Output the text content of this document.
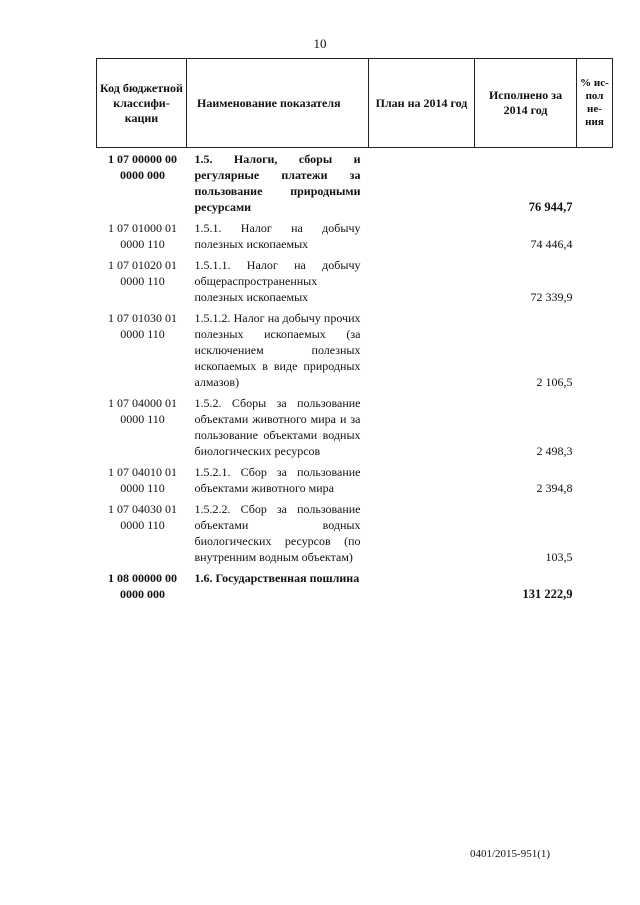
10
Код бюджетной классифи-кации	Наименование показателя	План на 2014 год	Исполнено за 2014 год	% ис-пол не-ния
1 07 00000 00 0000 000	1.5. Налоги, сборы и регулярные платежи за пользование природными ресурсами		76 944,7	
1 07 01000 01 0000 110	1.5.1. Налог на добычу полезных ископаемых		74 446,4	
1 07 01020 01 0000 110	1.5.1.1. Налог на добычу общераспространенных полезных ископаемых		72 339,9	
1 07 01030 01 0000 110	1.5.1.2. Налог на добычу прочих полезных ископаемых (за исключением полезных ископаемых в виде природных алмазов)		2 106,5	
1 07 04000 01 0000 110	1.5.2. Сборы за пользование объектами животного мира и за пользование объектами водных биологических ресурсов		2 498,3	
1 07 04010 01 0000 110	1.5.2.1. Сбор за пользование объектами животного мира		2 394,8	
1 07 04030 01 0000 110	1.5.2.2. Сбор за пользование объектами водных биологических ресурсов (по внутренним водным объектам)		103,5	
1 08 00000 00 0000 000	1.6. Государственная пошлина		131 222,9	
0401/2015-951(1)
